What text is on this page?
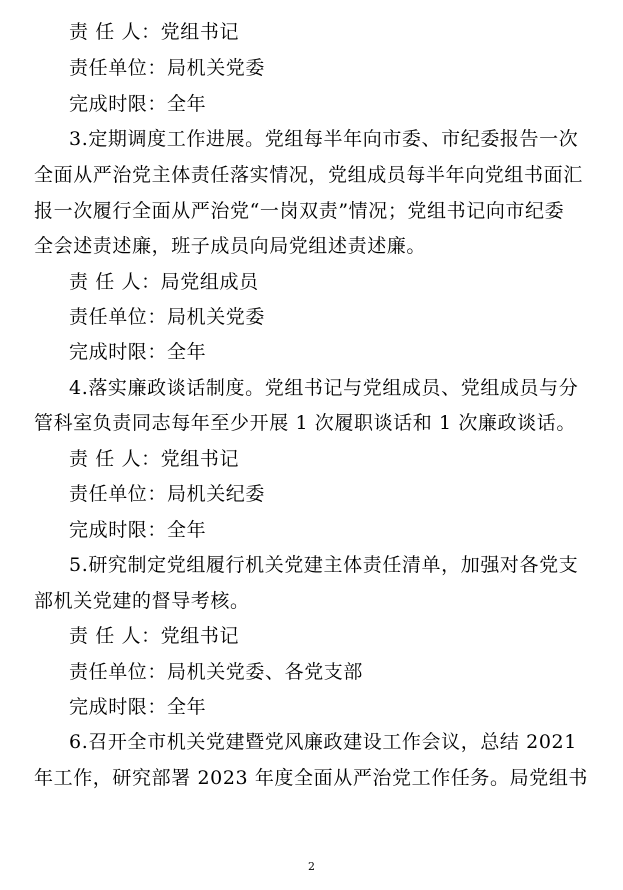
责 任 人：党组书记
责任单位：局机关党委
完成时限：全年
3.定期调度工作进展。党组每半年向市委、市纪委报告一次
全面从严治党主体责任落实情况，党组成员每半年向党组书面汇
报一次履行全面从严治党“一岗双责”情况；党组书记向市纪委
全会述责述廉，班子成员向局党组述责述廉。
责 任 人：局党组成员
责任单位：局机关党委
完成时限：全年
4.落实廉政谈话制度。党组书记与党组成员、党组成员与分
管科室负责同志每年至少开展 1 次履职谈话和 1 次廉政谈话。
责 任 人：党组书记
责任单位：局机关纪委
完成时限：全年
5.研究制定党组履行机关党建主体责任清单，加强对各党支
部机关党建的督导考核。
责 任 人：党组书记
责任单位：局机关党委、各党支部
完成时限：全年
6.召开全市机关党建暨党风廉政建设工作会议，总结 2021
年工作，研究部署 2023 年度全面从严治党工作任务。局党组书
2
